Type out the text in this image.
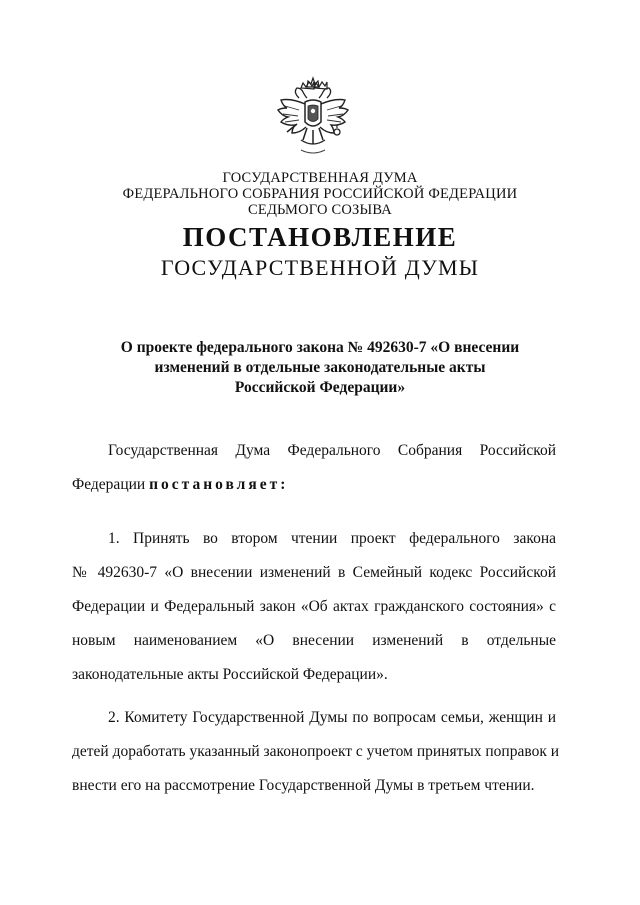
ГОСУДАРСТВЕННАЯ ДУМА
ФЕДЕРАЛЬНОГО СОБРАНИЯ РОССИЙСКОЙ ФЕДЕРАЦИИ
СЕДЬМОГО СОЗЫВА
ПОСТАНОВЛЕНИЕ
ГОСУДАРСТВЕННОЙ ДУМЫ
О проекте федерального закона № 492630-7 «О внесении
изменений в отдельные законодательные акты
Российской Федерации»
Государственная Дума Федерального Собрания Российской
Федерации постановляет:
1. Принять во втором чтении проект федерального закона
№ 492630-7 «О внесении изменений в Семейный кодекс Российской
Федерации и Федеральный закон «Об актах гражданского состояния» с
новым наименованием «О внесении изменений в отдельные
законодательные акты Российской Федерации».
2. Комитету Государственной Думы по вопросам семьи, женщин и
детей доработать указанный законопроект с учетом принятых поправок и
внести его на рассмотрение Государственной Думы в третьем чтении.
